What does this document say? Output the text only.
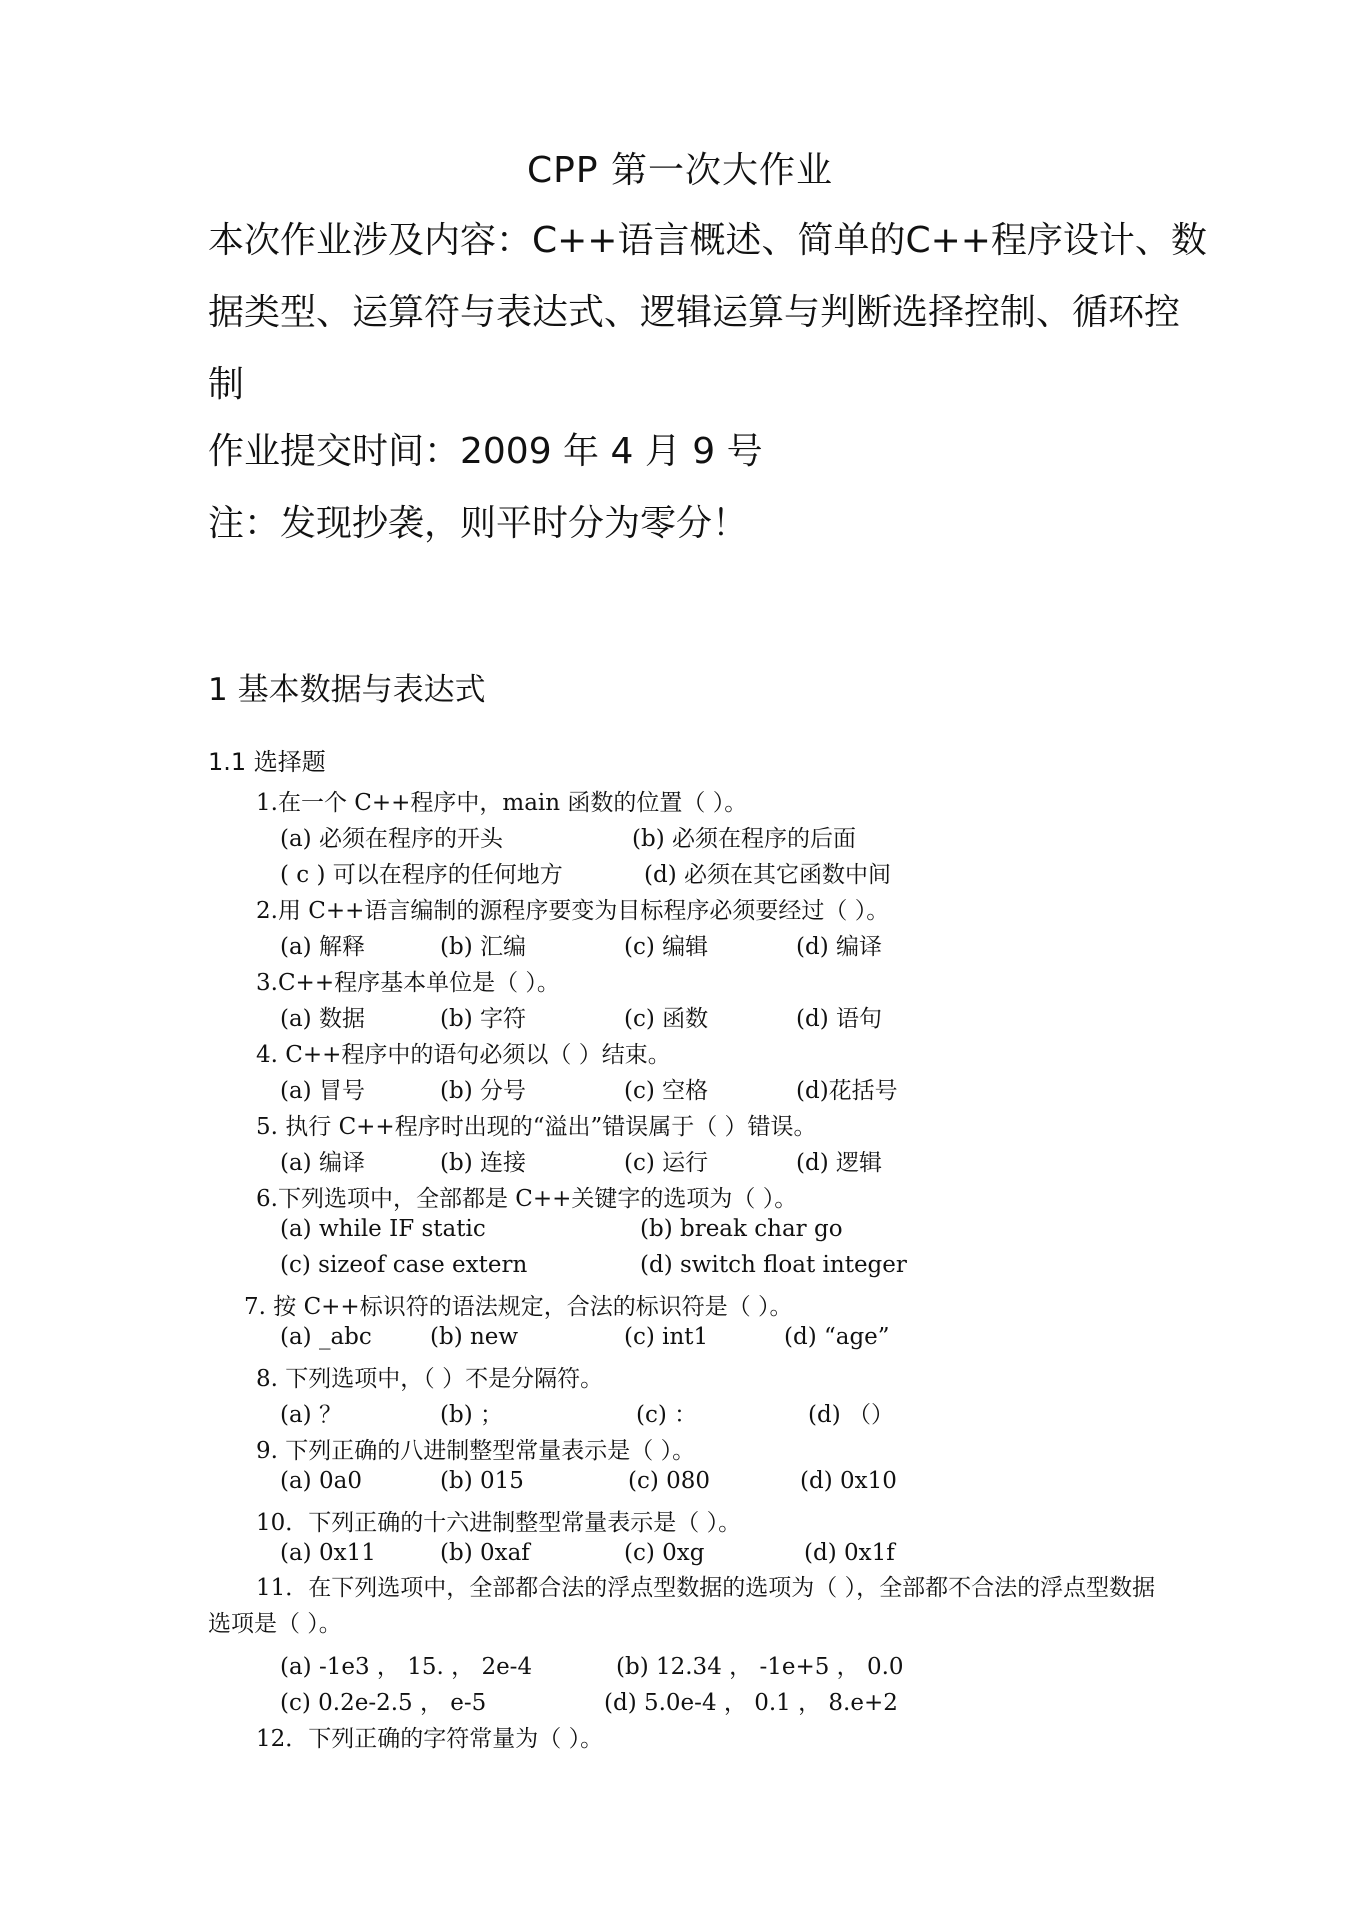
CPP 第一次大作业
本次作业涉及内容：C++语言概述、简单的C++程序设计、数据类型、运算符与表达式、逻辑运算与判断选择控制、循环控制
作业提交时间：2009 年 4 月 9 号
注：发现抄袭，则平时分为零分！
1 基本数据与表达式
1.1 选择题
1.在一个 C++程序中，main 函数的位置（ ）。
(a) 必须在程序的开头	(b) 必须在程序的后面
( c ) 可以在程序的任何地方	(d) 必须在其它函数中间
2.用 C++语言编制的源程序要变为目标程序必须要经过（ ）。
(a) 解释	(b) 汇编	(c) 编辑	(d) 编译
3.C++程序基本单位是（ ）。
(a) 数据	(b) 字符	(c) 函数	(d) 语句
4. C++程序中的语句必须以（ ）结束。
(a) 冒号	(b) 分号	(c) 空格	(d)花括号
5. 执行 C++程序时出现的“溢出”错误属于（ ）错误。
(a) 编译	(b) 连接	(c) 运行	(d) 逻辑
6.下列选项中，全部都是 C++关键字的选项为（ ）。
(a) while IF static	(b) break char go
(c) sizeof case extern	(d) switch float integer
7. 按 C++标识符的语法规定，合法的标识符是（ ）。
(a) _abc	(b) new	(c) int1	(d) “age”
8. 下列选项中，（ ）不是分隔符。
(a) ？	(b) ；	(c) ：	(d) （）
9. 下列正确的八进制整型常量表示是（ ）。
(a) 0a0	(b) 015	(c) 080	(d) 0x10
10．下列正确的十六进制整型常量表示是（ ）。
(a) 0x11	(b) 0xaf	(c) 0xg	(d) 0x1f
11．在下列选项中，全部都合法的浮点型数据的选项为（ ），全部都不合法的浮点型数据选项是（ ）。
(a) -1e3 ， 15. ， 2e-4	(b) 12.34 ， -1e+5 ， 0.0
(c) 0.2e-2.5 ， e-5	(d) 5.0e-4 ， 0.1 ， 8.e+2
12．下列正确的字符常量为（ ）。
